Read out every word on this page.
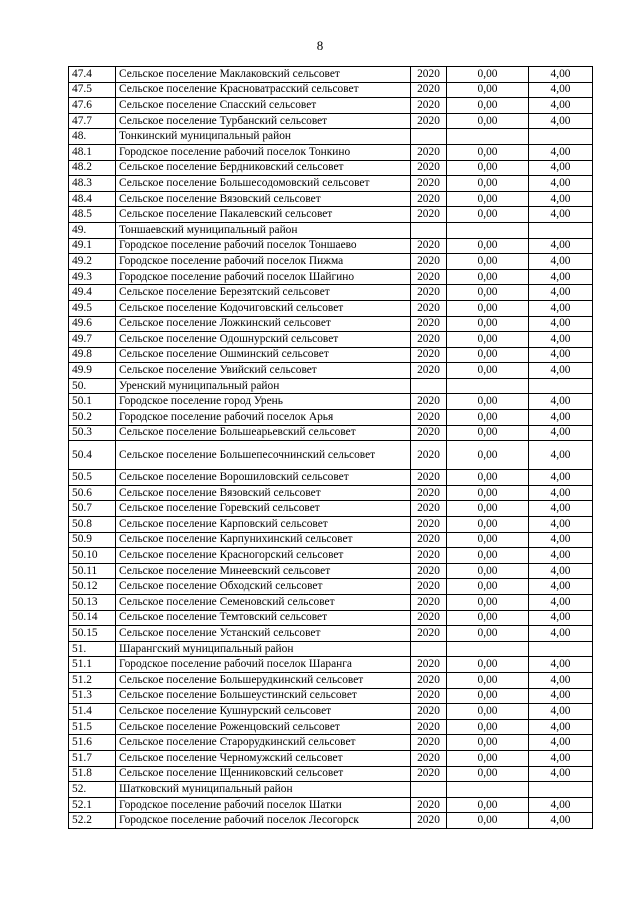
8
47.4	Сельское поселение Маклаковский сельсовет	2020	0,00	4,00
47.5	Сельское поселение Красноватрасский сельсовет	2020	0,00	4,00
47.6	Сельское поселение Спасский сельсовет	2020	0,00	4,00
47.7	Сельское поселение Турбанский сельсовет	2020	0,00	4,00
48.	Тонкинский муниципальный район			
48.1	Городское поселение рабочий поселок Тонкино	2020	0,00	4,00
48.2	Сельское поселение Бердниковский сельсовет	2020	0,00	4,00
48.3	Сельское поселение Большесодомовский сельсовет	2020	0,00	4,00
48.4	Сельское поселение Вязовский сельсовет	2020	0,00	4,00
48.5	Сельское поселение Пакалевский сельсовет	2020	0,00	4,00
49.	Тоншаевский муниципальный район			
49.1	Городское поселение рабочий поселок Тоншаево	2020	0,00	4,00
49.2	Городское поселение рабочий поселок Пижма	2020	0,00	4,00
49.3	Городское поселение рабочий поселок Шайгино	2020	0,00	4,00
49.4	Сельское поселение Березятский сельсовет	2020	0,00	4,00
49.5	Сельское поселение Кодочиговский сельсовет	2020	0,00	4,00
49.6	Сельское поселение Ложкинский сельсовет	2020	0,00	4,00
49.7	Сельское поселение Одошнурский сельсовет	2020	0,00	4,00
49.8	Сельское поселение Ошминский сельсовет	2020	0,00	4,00
49.9	Сельское поселение Увийский сельсовет	2020	0,00	4,00
50.	Уренский муниципальный район			
50.1	Городское поселение город Урень	2020	0,00	4,00
50.2	Городское поселение рабочий поселок Арья	2020	0,00	4,00
50.3	Сельское поселение Большеарьевский сельсовет	2020	0,00	4,00
50.4	Сельское поселение Большепесочнинский сельсовет	2020	0,00	4,00
50.5	Сельское поселение Ворошиловский сельсовет	2020	0,00	4,00
50.6	Сельское поселение Вязовский сельсовет	2020	0,00	4,00
50.7	Сельское поселение Горевский сельсовет	2020	0,00	4,00
50.8	Сельское поселение Карповский сельсовет	2020	0,00	4,00
50.9	Сельское поселение Карпунихинский сельсовет	2020	0,00	4,00
50.10	Сельское поселение Красногорский сельсовет	2020	0,00	4,00
50.11	Сельское поселение Минеевский сельсовет	2020	0,00	4,00
50.12	Сельское поселение Обходский сельсовет	2020	0,00	4,00
50.13	Сельское поселение Семеновский сельсовет	2020	0,00	4,00
50.14	Сельское поселение Темтовский сельсовет	2020	0,00	4,00
50.15	Сельское поселение Устанский сельсовет	2020	0,00	4,00
51.	Шарангский муниципальный район			
51.1	Городское поселение рабочий поселок Шаранга	2020	0,00	4,00
51.2	Сельское поселение Большерудкинский сельсовет	2020	0,00	4,00
51.3	Сельское поселение Большеустинский сельсовет	2020	0,00	4,00
51.4	Сельское поселение Кушнурский сельсовет	2020	0,00	4,00
51.5	Сельское поселение Роженцовский сельсовет	2020	0,00	4,00
51.6	Сельское поселение Старорудкинский сельсовет	2020	0,00	4,00
51.7	Сельское поселение Черномужский сельсовет	2020	0,00	4,00
51.8	Сельское поселение Щенниковский сельсовет	2020	0,00	4,00
52.	Шатковский муниципальный район			
52.1	Городское поселение рабочий поселок Шатки	2020	0,00	4,00
52.2	Городское поселение рабочий поселок Лесогорск	2020	0,00	4,00
